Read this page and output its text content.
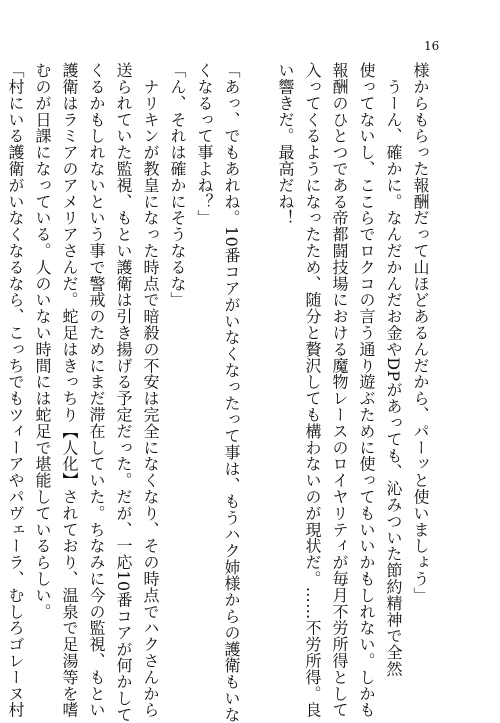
16
様からもらった報酬だって山ほどあるんだから、パーッと使いましょう」
　うーん、確かに。なんだかんだお金やDPがあっても、沁みついた節約精神で全然
使ってないし、ここらでロクコの言う通り遊ぶために使ってもいいかもしれない。しかも
報酬のひとつである帝都闘技場における魔物レースのロイヤリティが毎月不労所得として
入ってくるようになったため、随分と贅沢しても構わないのが現状だ。……不労所得。良
い響きだ。最高だね！

「あっ、でもあれね。10番コアがいなくなったって事は、もうハク姉様からの護衛もいな
くなるって事よね？」
「ん、それは確かにそうなるな」
　ナリキンが教皇になった時点で暗殺の不安は完全になくなり、その時点でハクさんから
送られていた監視、もとい護衛は引き揚げる予定だった。だが、一応10番コアが何かして
くるかもしれないという事で警戒のためにまだ滞在していた。ちなみに今の監視、もとい
護衛はラミアのアメリアさんだ。蛇足はきっちり【人化】されており、温泉で足湯等を嗜
むのが日課になっている。人のいない時間には蛇足で堪能しているらしい。
「村にいる護衛がいなくなるなら、こっちでもツィーアやパヴェーラ、むしろゴレーヌ村
